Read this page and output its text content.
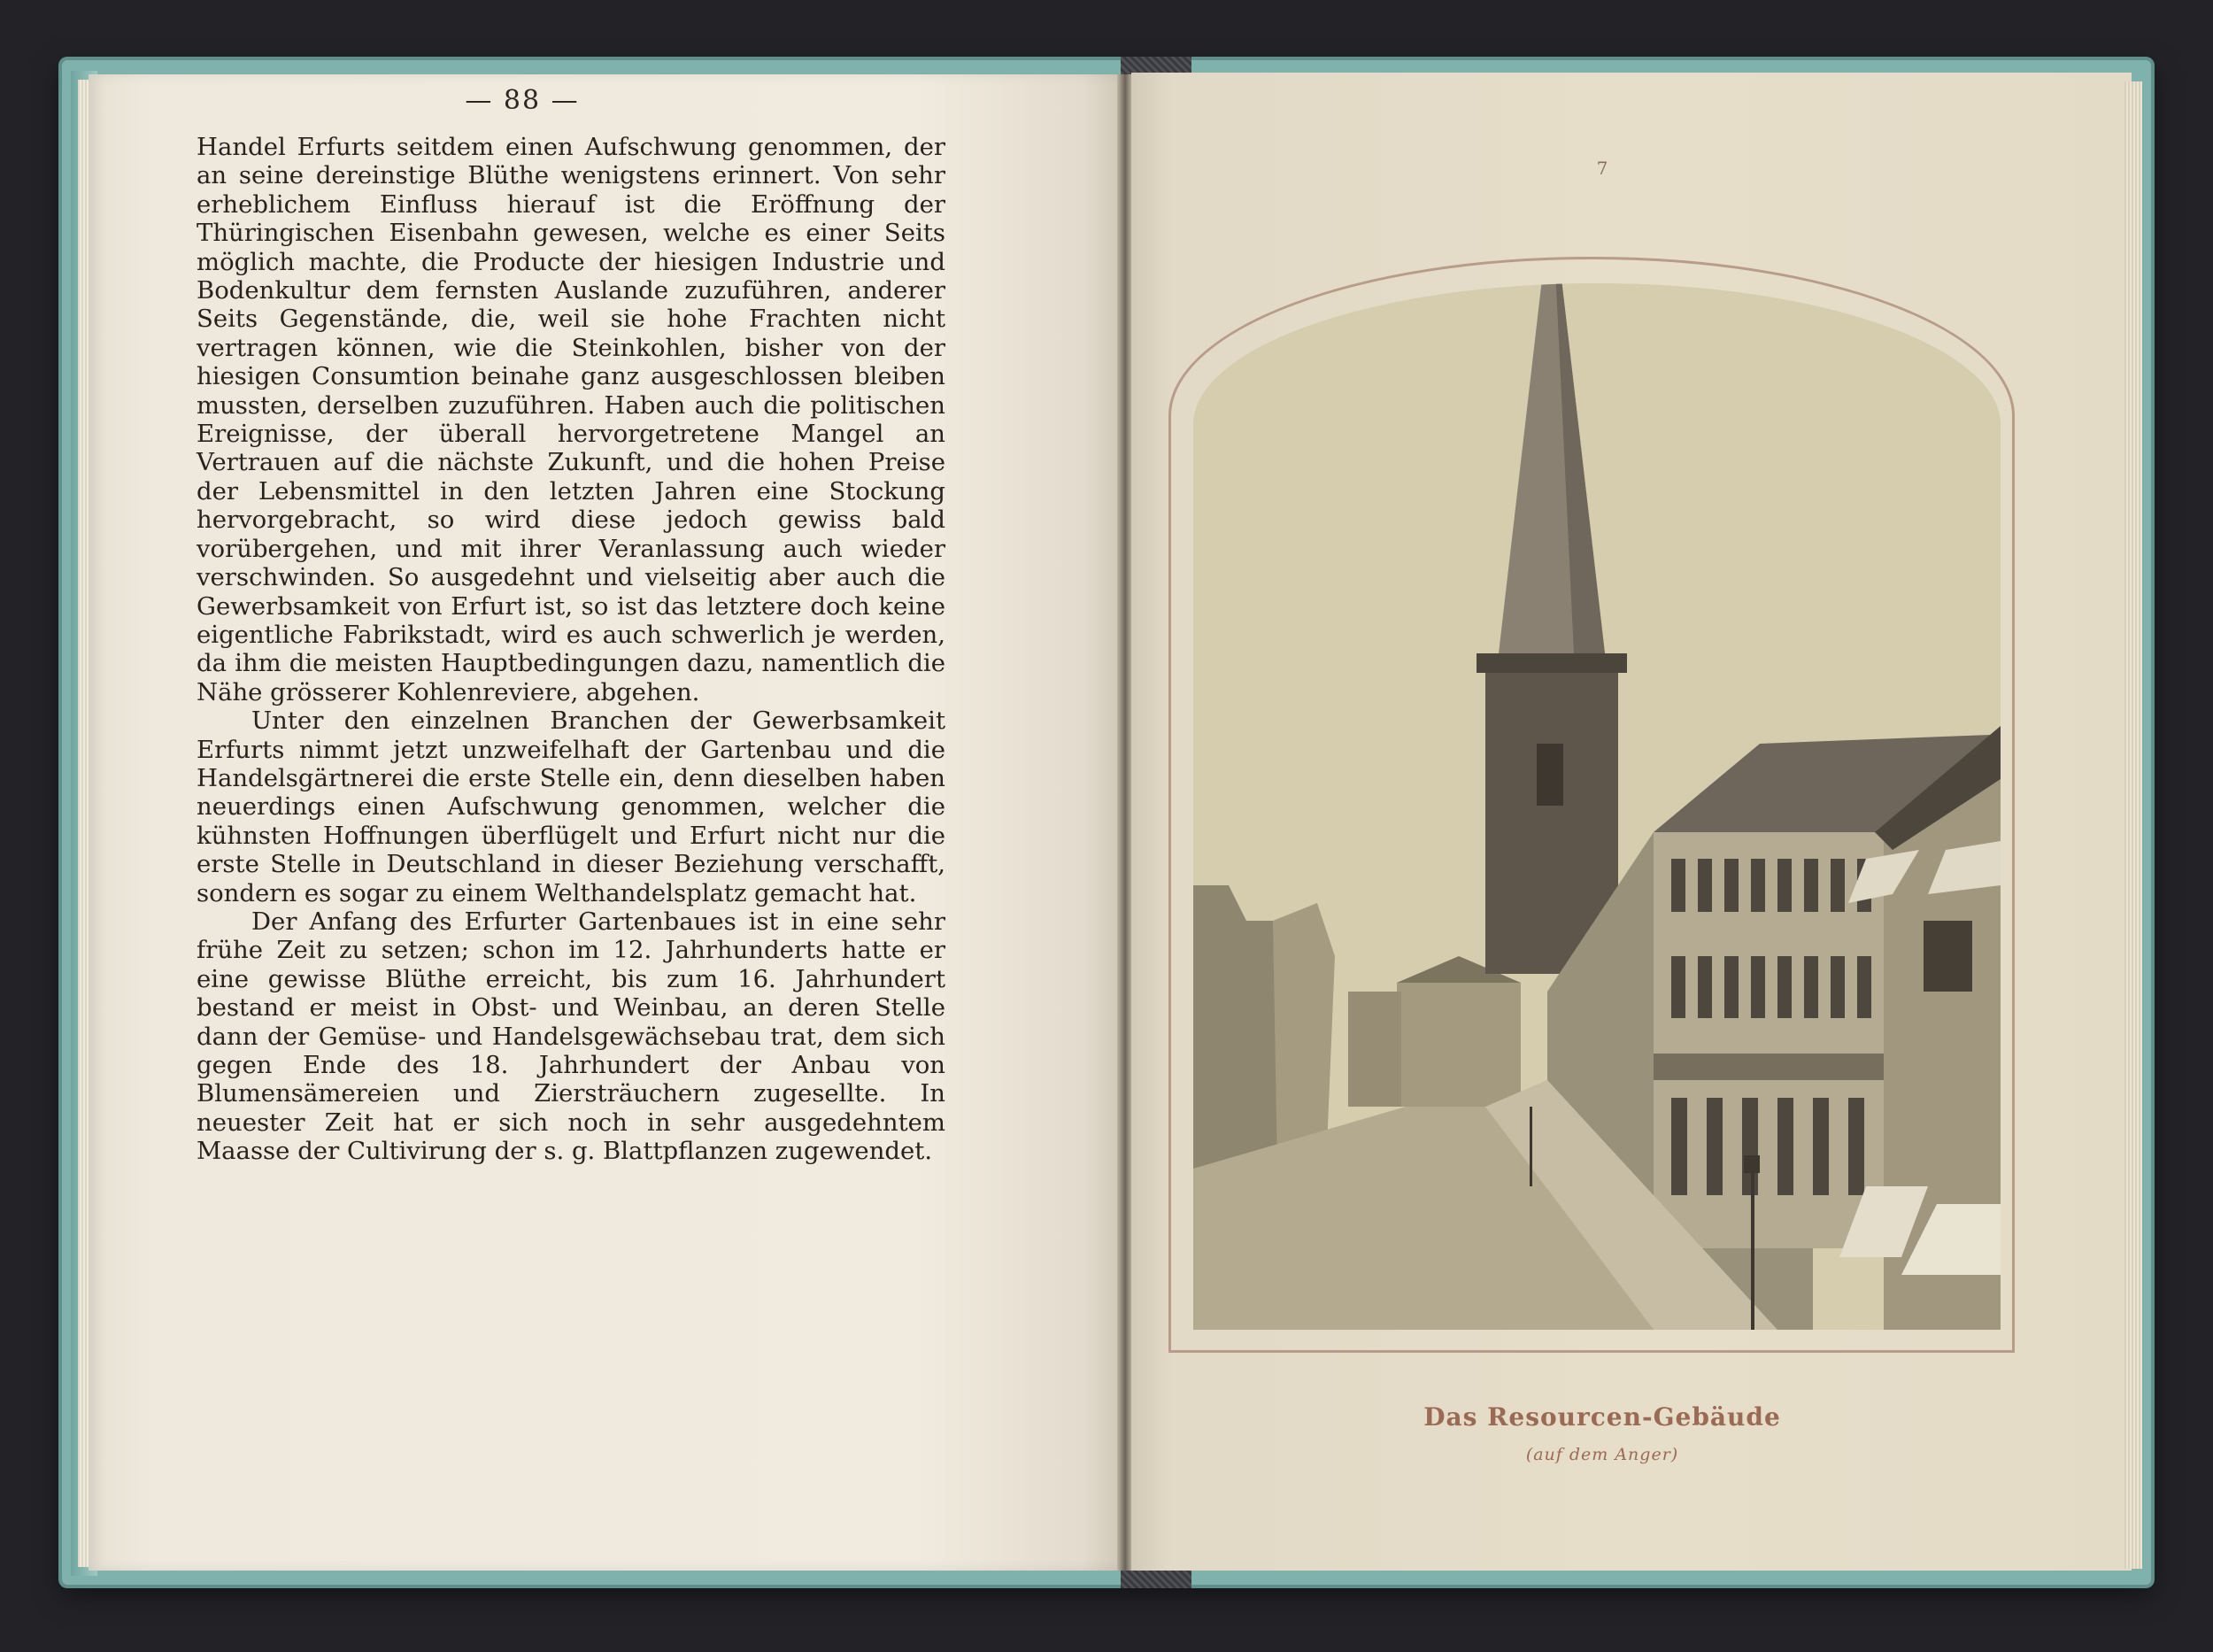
— 88 —

Handel Erfurts seitdem einen Aufschwung genommen, der an seine dereinstige Blüthe wenigstens erinnert. Von sehr erheblichem Einfluss hierauf ist die Eröffnung der Thüringischen Eisenbahn gewesen, welche es einer Seits möglich machte, die Producte der hiesigen Industrie und Bodenkultur dem fernsten Auslande zuzuführen, anderer Seits Gegenstände, die, weil sie hohe Frachten nicht vertragen können, wie die Steinkohlen, bisher von der hiesigen Consumtion beinahe ganz ausgeschlossen bleiben mussten, derselben zuzuführen. Haben auch die politischen Ereignisse, der überall hervorgetretene Mangel an Vertrauen auf die nächste Zukunft, und die hohen Preise der Lebensmittel in den letzten Jahren eine Stockung hervorgebracht, so wird diese jedoch gewiss bald vorübergehen, und mit ihrer Veranlassung auch wieder verschwinden. So ausgedehnt und vielseitig aber auch die Gewerbsamkeit von Erfurt ist, so ist das letztere doch keine eigentliche Fabrikstadt, wird es auch schwerlich je werden, da ihm die meisten Hauptbedingungen dazu, namentlich die Nähe grösserer Kohlenreviere, abgehen.

Unter den einzelnen Branchen der Gewerbsamkeit Erfurts nimmt jetzt unzweifelhaft der Gartenbau und die Handelsgärtnerei die erste Stelle ein, denn dieselben haben neuerdings einen Aufschwung genommen, welcher die kühnsten Hoffnungen überflügelt und Erfurt nicht nur die erste Stelle in Deutschland in dieser Beziehung verschafft, sondern es sogar zu einem Welthandelsplatz gemacht hat.

Der Anfang des Erfurter Gartenbaues ist in eine sehr frühe Zeit zu setzen; schon im 12. Jahrhunderts hatte er eine gewisse Blüthe erreicht, bis zum 16. Jahrhundert bestand er meist in Obst- und Weinbau, an deren Stelle dann der Gemüse- und Handelsgewächsebau trat, dem sich gegen Ende des 18. Jahrhundert der Anbau von Blumensämereien und Ziersträuchern zugesellte. In neuester Zeit hat er sich noch in sehr ausgedehntem Maasse der Cultivirung der s. g. Blattpflanzen zugewendet.

7
Das Resourcen-Gebäude
(auf dem Anger)
